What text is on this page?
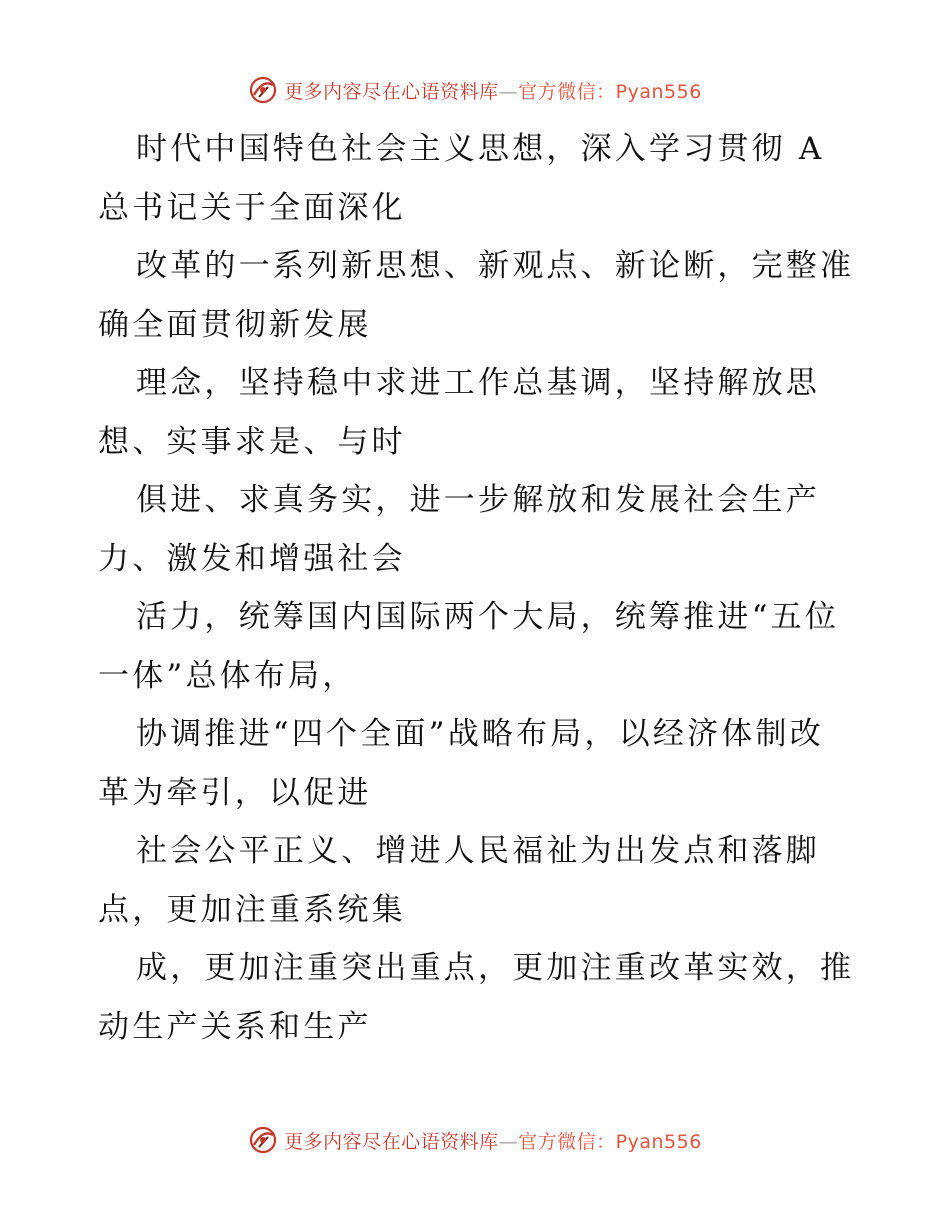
更多内容尽在心语资料库—官方微信：Pyan556

时代中国特色社会主义思想，深入学习贯彻 A
总书记关于全面深化

改革的一系列新思想、新观点、新论断，完整准
确全面贯彻新发展

理念，坚持稳中求进工作总基调，坚持解放思
想、实事求是、与时

俱进、求真务实，进一步解放和发展社会生产
力、激发和增强社会

活力，统筹国内国际两个大局，统筹推进“五位
一体”总体布局，

协调推进“四个全面”战略布局，以经济体制改
革为牵引，以促进

社会公平正义、增进人民福祉为出发点和落脚
点，更加注重系统集

成，更加注重突出重点，更加注重改革实效，推
动生产关系和生产

更多内容尽在心语资料库—官方微信：Pyan556
